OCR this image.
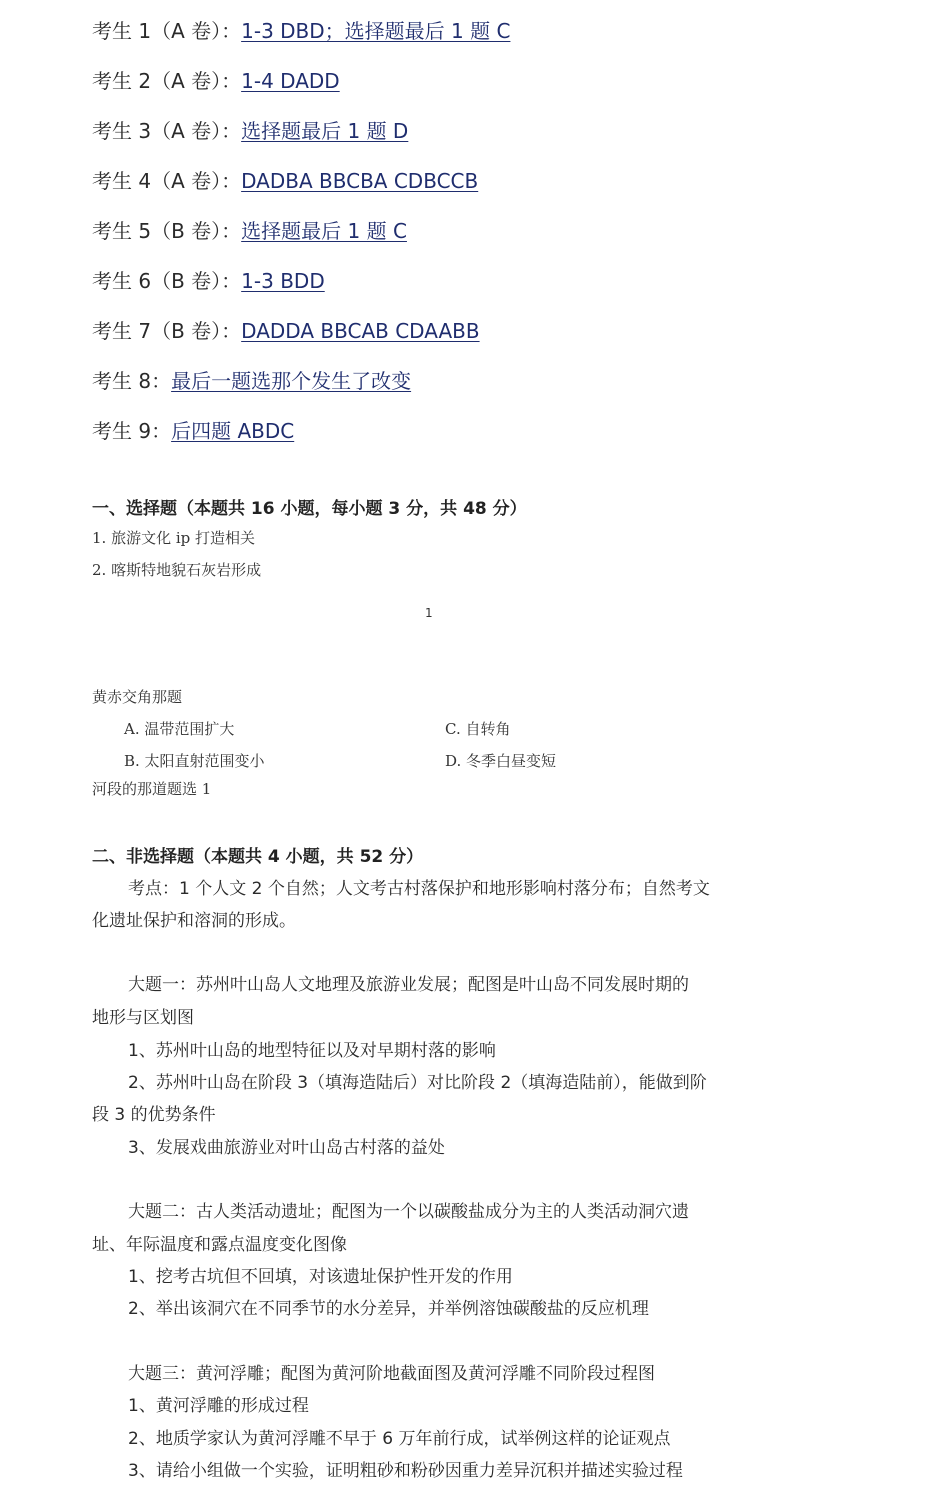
考生 1（A 卷）：1-3 DBD；选择题最后 1 题 C
考生 2（A 卷）：1-4 DADD
考生 3（A 卷）：选择题最后 1 题 D
考生 4（A 卷）：DADBA BBCBA CDBCCB
考生 5（B 卷）：选择题最后 1 题 C
考生 6（B 卷）：1-3 BDD
考生 7（B 卷）：DADDA BBCAB CDAABB
考生 8：最后一题选那个发生了改变
考生 9：后四题 ABDC
一、选择题（本题共 16 小题，每小题 3 分，共 48 分）
1. 旅游文化 ip 打造相关
2. 喀斯特地貌石灰岩形成
1
黄赤交角那题
A. 温带范围扩大	C. 自转角
B. 太阳直射范围变小	D. 冬季白昼变短
河段的那道题选 1
二、非选择题（本题共 4 小题，共 52 分）
考点：1 个人文 2 个自然；人文考古村落保护和地形影响村落分布；自然考文
化遗址保护和溶洞的形成。
大题一：苏州叶山岛人文地理及旅游业发展；配图是叶山岛不同发展时期的
地形与区划图
1、苏州叶山岛的地型特征以及对早期村落的影响
2、苏州叶山岛在阶段 3（填海造陆后）对比阶段 2（填海造陆前），能做到阶
段 3 的优势条件
3、发展戏曲旅游业对叶山岛古村落的益处
大题二：古人类活动遗址；配图为一个以碳酸盐成分为主的人类活动洞穴遗
址、年际温度和露点温度变化图像
1、挖考古坑但不回填，对该遗址保护性开发的作用
2、举出该洞穴在不同季节的水分差异，并举例溶蚀碳酸盐的反应机理
大题三：黄河浮雕；配图为黄河阶地截面图及黄河浮雕不同阶段过程图
1、黄河浮雕的形成过程
2、地质学家认为黄河浮雕不早于 6 万年前行成，试举例这样的论证观点
3、请给小组做一个实验，证明粗砂和粉砂因重力差异沉积并描述实验过程
